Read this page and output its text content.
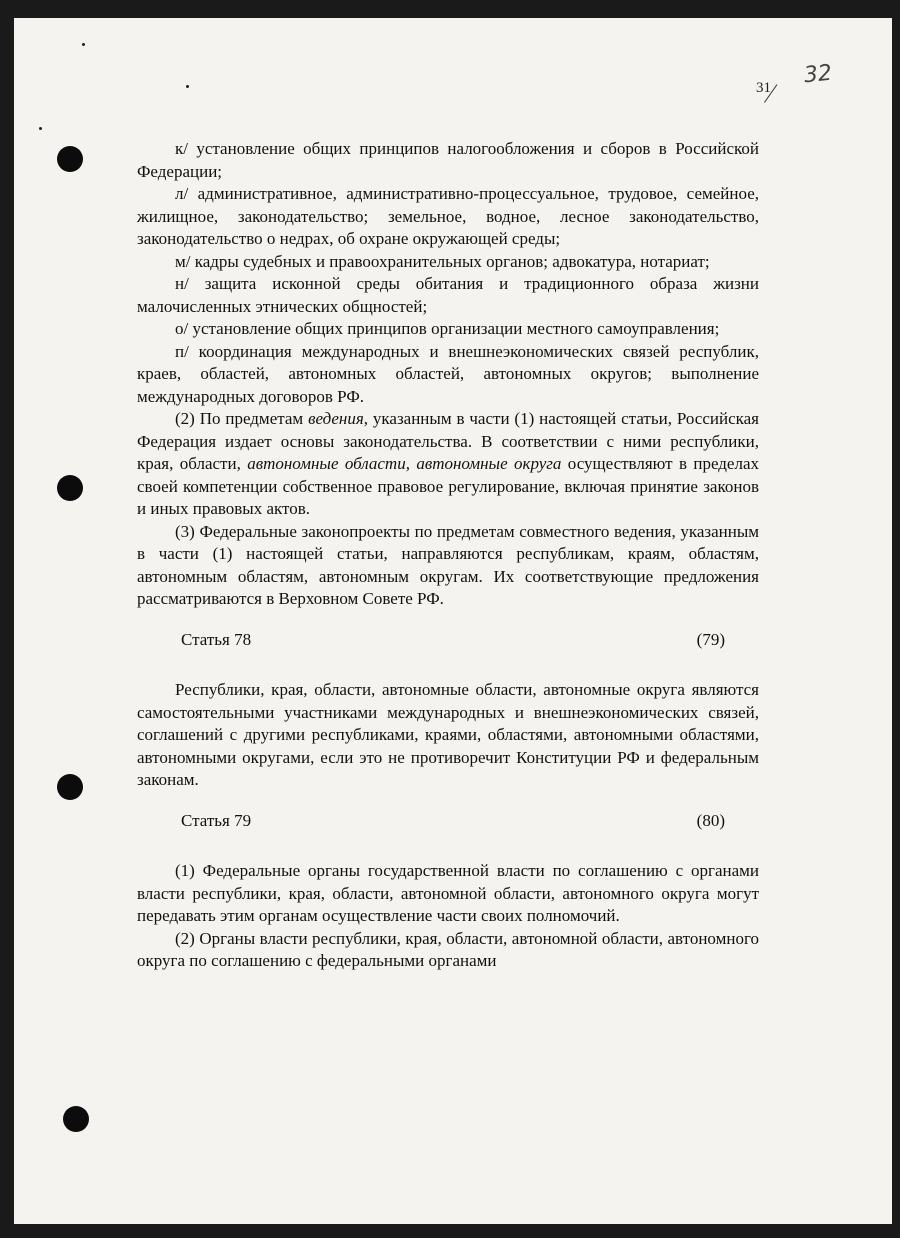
31 32

к/ установление общих принципов налогообложения и сборов в Российской Федерации;

л/ административное, административно-процессуальное, трудовое, семейное, жилищное, законодательство; земельное, водное, лесное законодательство, законодательство о недрах, об охране окружающей среды;

м/ кадры судебных и правоохранительных органов; адвокатура, нотариат;

н/ защита исконной среды обитания и традиционного образа жизни малочисленных этнических общностей;

о/ установление общих принципов организации местного самоуправления;

п/ координация международных и внешнеэкономических связей республик, краев, областей, автономных областей, автономных округов; выполнение международных договоров РФ.

(2) По предметам ведения, указанным в части (1) настоящей статьи, Российская Федерация издает основы законодательства. В соответствии с ними республики, края, области, автономные области, автономные округа осуществляют в пределах своей компетенции собственное правовое регулирование, включая принятие законов и иных правовых актов.

(3) Федеральные законопроекты по предметам совместного ведения, указанным в части (1) настоящей статьи, направляются республикам, краям, областям, автономным областям, автономным округам. Их соответствующие предложения рассматриваются в Верховном Совете РФ.

Статья 78	(79)

Республики, края, области, автономные области, автономные округа являются самостоятельными участниками международных и внешнеэкономических связей, соглашений с другими республиками, краями, областями, автономными областями, автономными округами, если это не противоречит Конституции РФ и федеральным законам.

Статья 79	(80)

(1) Федеральные органы государственной власти по соглашению с органами власти республики, края, области, автономной области, автономного округа могут передавать этим органам осуществление части своих полномочий.

(2) Органы власти республики, края, области, автономной области, автономного округа по соглашению с федеральными органами
